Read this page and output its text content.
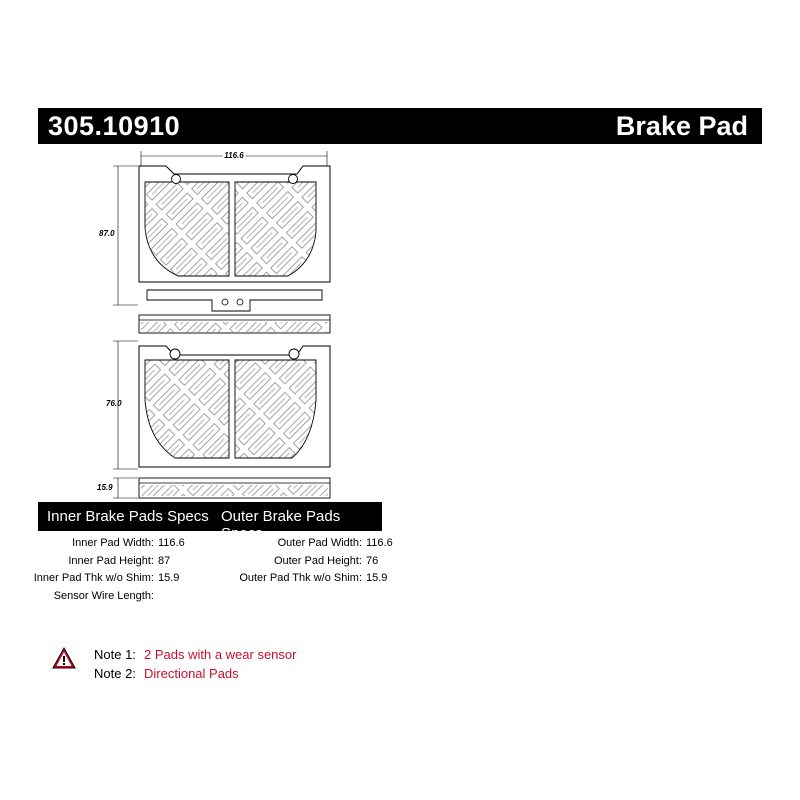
305.10910	Brake Pad
116.6
87.0
76.0
15.9
Inner Brake Pads Specs Outer Brake Pads Specs
Inner Pad Width:
Inner Pad Height:
Inner Pad Thk w/o Shim:
Sensor Wire Length:
116.6
87
15.9
Outer Pad Width:
Outer Pad Height:
Outer Pad Thk w/o Shim:
116.6
76
15.9
Note 1: 2 Pads with a wear sensor
Note 2: Directional Pads
